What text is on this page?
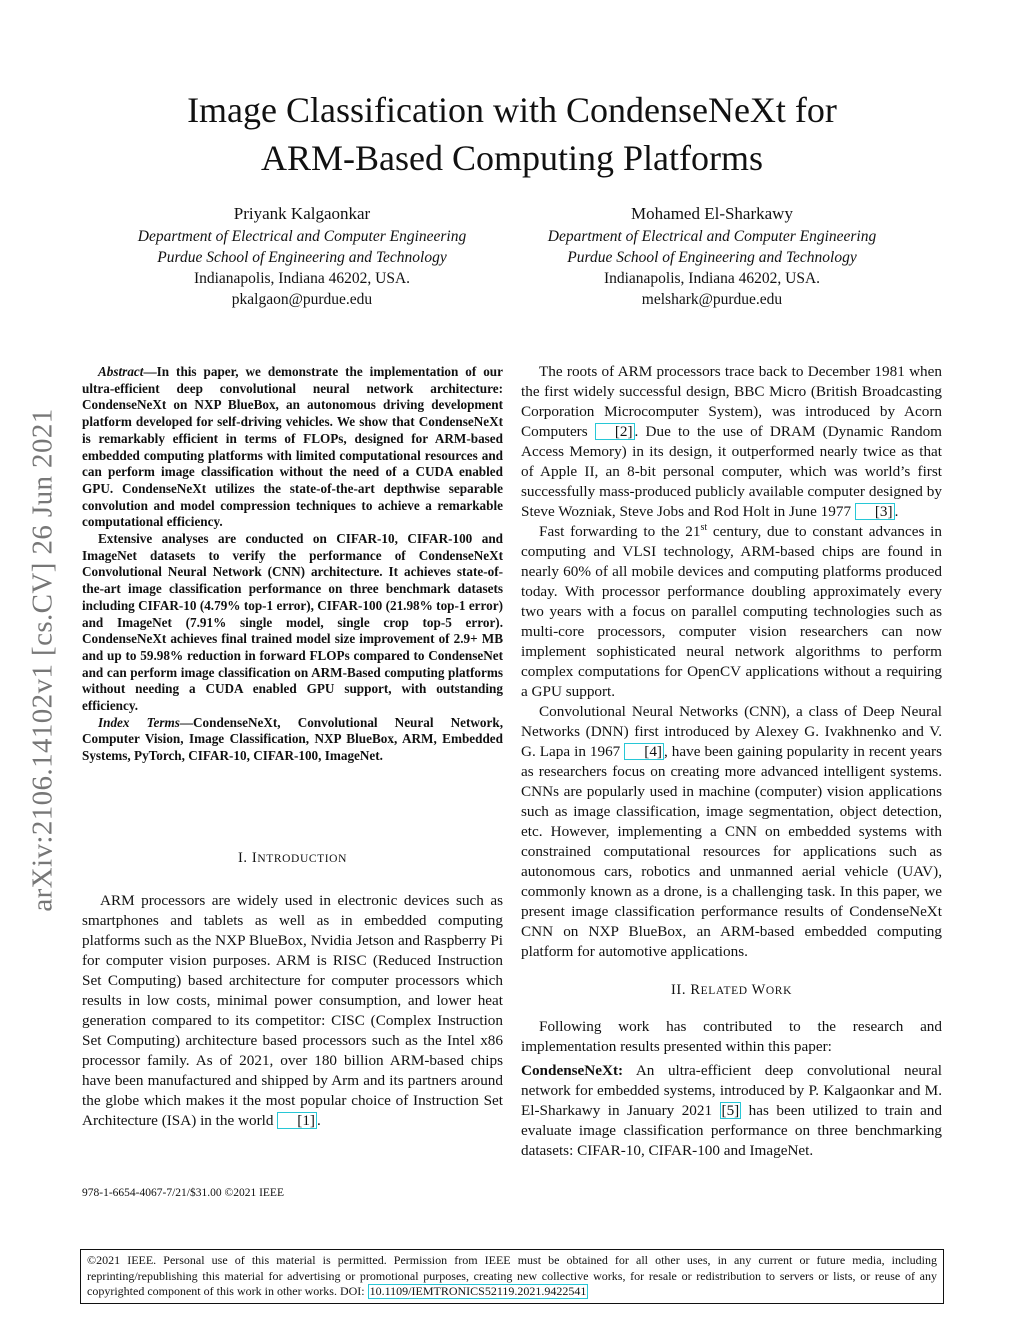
Image Classification with CondenseNeXt for
ARM-Based Computing Platforms
Priyank Kalgaonkar
Department of Electrical and Computer Engineering
Purdue School of Engineering and Technology
Indianapolis, Indiana 46202, USA.
pkalgaon@purdue.edu
Mohamed El-Sharkawy
Department of Electrical and Computer Engineering
Purdue School of Engineering and Technology
Indianapolis, Indiana 46202, USA.
melshark@purdue.edu
arXiv:2106.14102v1 [cs.CV] 26 Jun 2021

Abstract—In this paper, we demonstrate the implementation of our ultra-efficient deep convolutional neural network architecture: CondenseNeXt on NXP BlueBox, an autonomous driving development platform developed for self-driving vehicles. We show that CondenseNeXt is remarkably efficient in terms of FLOPs, designed for ARM-based embedded computing platforms with limited computational resources and can perform image classification without the need of a CUDA enabled GPU. CondenseNeXt utilizes the state-of-the-art depthwise separable convolution and model compression techniques to achieve a remarkable computational efficiency.

Extensive analyses are conducted on CIFAR-10, CIFAR-100 and ImageNet datasets to verify the performance of CondenseNeXt Convolutional Neural Network (CNN) architecture. It achieves state-of-the-art image classification performance on three benchmark datasets including CIFAR-10 (4.79% top-1 error), CIFAR-100 (21.98% top-1 error) and ImageNet (7.91% single model, single crop top-5 error). CondenseNeXt achieves final trained model size improvement of 2.9+ MB and up to 59.98% reduction in forward FLOPs compared to CondenseNet and can perform image classification on ARM-Based computing platforms without needing a CUDA enabled GPU support, with outstanding efficiency.

Index Terms—CondenseNeXt, Convolutional Neural Network, Computer Vision, Image Classification, NXP BlueBox, ARM, Embedded Systems, PyTorch, CIFAR-10, CIFAR-100, ImageNet.

I. INTRODUCTION

ARM processors are widely used in electronic devices such as smartphones and tablets as well as in embedded computing platforms such as the NXP BlueBox, Nvidia Jetson and Raspberry Pi for computer vision purposes. ARM is RISC (Reduced Instruction Set Computing) based architecture for computer processors which results in low costs, minimal power consumption, and lower heat generation compared to its competitor: CISC (Complex Instruction Set Computing) architecture based processors such as the Intel x86 processor family. As of 2021, over 180 billion ARM-based chips have been manufactured and shipped by Arm and its partners around the globe which makes it the most popular choice of Instruction Set Architecture (ISA) in the world [1] .

The roots of ARM processors trace back to December 1981 when the first widely successful design, BBC Micro (British Broadcasting Corporation Microcomputer System), was introduced by Acorn Computers [2] . Due to the use of DRAM (Dynamic Random Access Memory) in its design, it outperformed nearly twice as that of Apple II, an 8-bit personal computer, which was world’s first successfully mass-produced publicly available computer designed by Steve Wozniak, Steve Jobs and Rod Holt in June 1977 [3] .

Fast forwarding to the 21st century, due to constant advances in computing and VLSI technology, ARM-based chips are found in nearly 60% of all mobile devices and computing platforms produced today. With processor performance doubling approximately every two years with a focus on parallel computing technologies such as multi-core processors, computer vision researchers can now implement sophisticated neural network algorithms to perform complex computations for OpenCV applications without a requiring a GPU support.

Convolutional Neural Networks (CNN), a class of Deep Neural Networks (DNN) first introduced by Alexey G. Ivakhnenko and V. G. Lapa in 1967 [4] , have been gaining popularity in recent years as researchers focus on creating more advanced intelligent systems. CNNs are popularly used in machine (computer) vision applications such as image classification, image segmentation, object detection, etc. However, implementing a CNN on embedded systems with constrained computational resources for applications such as autonomous cars, robotics and unmanned aerial vehicle (UAV), commonly known as a drone, is a challenging task. In this paper, we present image classification performance results of CondenseNeXt CNN on NXP BlueBox, an ARM-based embedded computing platform for automotive applications.

II. RELATED WORK

Following work has contributed to the research and implementation results presented within this paper:

CondenseNeXt: An ultra-efficient deep convolutional neural network for embedded systems, introduced by P. Kalgaonkar and M. El-Sharkawy in January 2021 [5] has been utilized to train and evaluate image classification performance on three benchmarking datasets: CIFAR-10, CIFAR-100 and ImageNet.

978-1-6654-4067-7/21/$31.00 ©2021 IEEE
©2021 IEEE. Personal use of this material is permitted. Permission from IEEE must be obtained for all other uses, in any current or future media, including reprinting/republishing this material for advertising or promotional purposes, creating new collective works, for resale or redistribution to servers or lists, or reuse of any copyrighted component of this work in other works. DOI: 10.1109/IEMTRONICS52119.2021.9422541
